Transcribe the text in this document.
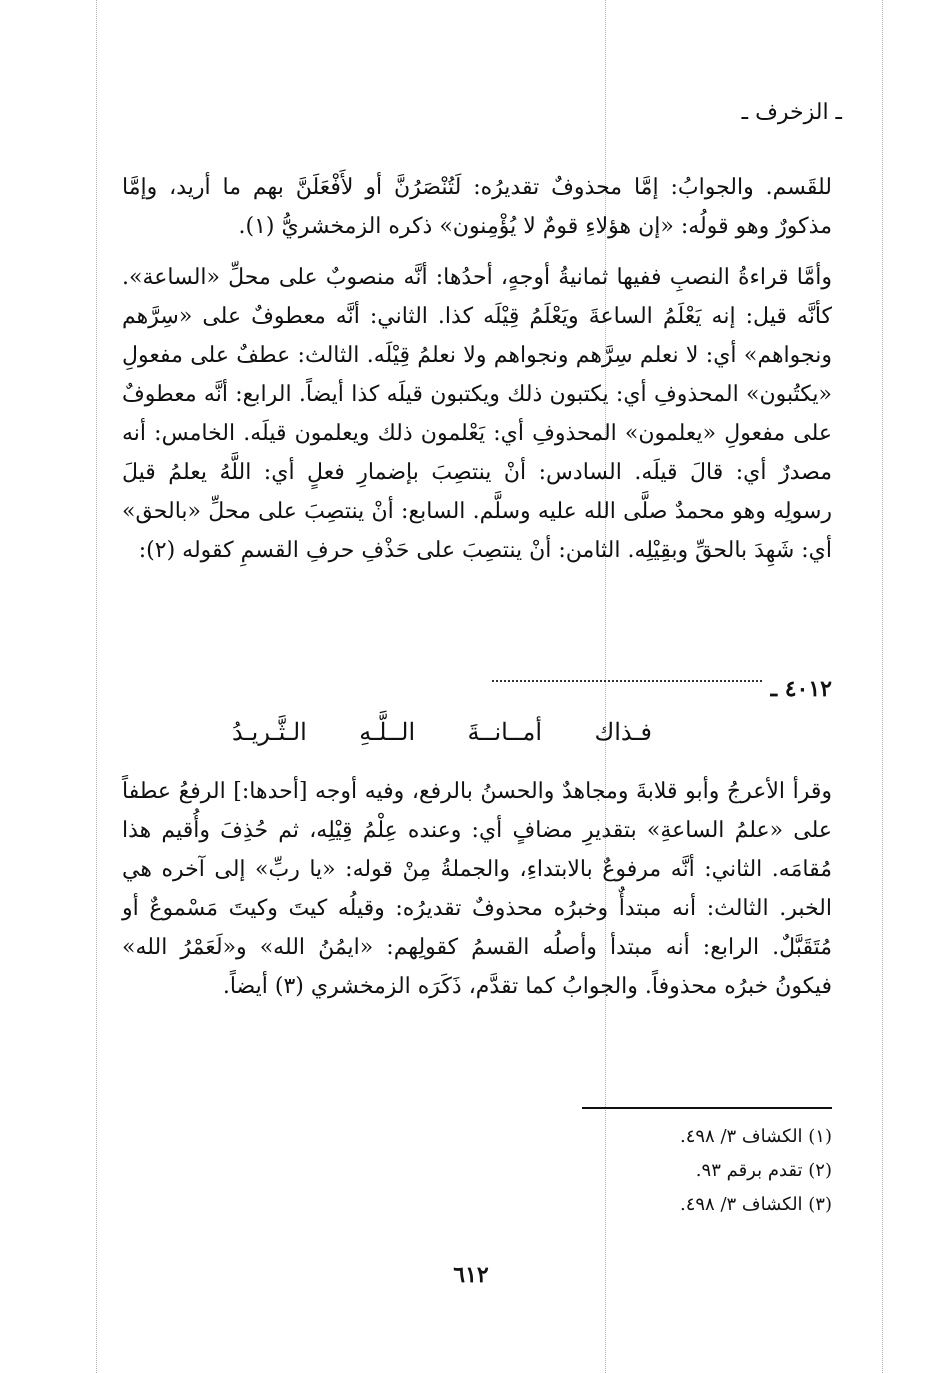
ـ الزخرف ـ

للقَسم. والجوابُ: إمَّا محذوفٌ تقديرُه: لَتُنْصَرُنَّ أو لأَفْعَلَنَّ بهم ما أريد، وإمَّا مذكورٌ وهو قولُه: «إن هؤلاءِ قومٌ لا يُؤْمِنون» ذكره الزمخشريُّ (١).

وأمَّا قراءةُ النصبِ ففيها ثمانيةُ أوجهٍ، أحدُها: أنَّه منصوبٌ على محلِّ «الساعة». كأنَّه قيل: إنه يَعْلَمُ الساعةَ ويَعْلَمُ قِيْلَه كذا. الثاني: أنَّه معطوفٌ على «سِرَّهم ونجواهم» أي: لا نعلم سِرَّهم ونجواهم ولا نعلمُ قِيْلَه. الثالث: عطفٌ على مفعولِ «يكتُبون» المحذوفِ أي: يكتبون ذلك ويكتبون قيلَه كذا أيضاً. الرابع: أنَّه معطوفٌ على مفعولِ «يعلمون» المحذوفِ أي: يَعْلمون ذلك ويعلمون قيلَه. الخامس: أنه مصدرٌ أي: قالَ قيلَه. السادس: أنْ ينتصِبَ بإضمارِ فعلٍ أي: اللَّهُ يعلمُ قيلَ رسولِه وهو محمدٌ صلَّى الله عليه وسلَّم. السابع: أنْ ينتصِبَ على محلِّ «بالحق» أي: شَهِدَ بالحقِّ وبقِيْلِه. الثامن: أنْ ينتصِبَ على حَذْفِ حرفِ القسمِ كقوله (٢):

٤٠١٢ ـ
فـذاك
أمــانــةَ
الــلَّـهِ
الـثَّـريـدُ

وقرأ الأعرجُ وأبو قلابةَ ومجاهدٌ والحسنُ بالرفع، وفيه أوجه [أحدها:] الرفعُ عطفاً على «علمُ الساعةِ» بتقديرِ مضافٍ أي: وعنده عِلْمُ قِيْلِه، ثم حُذِفَ وأُقيم هذا مُقامَه. الثاني: أنَّه مرفوعٌ بالابتداءِ، والجملةُ مِنْ قوله: «يا ربِّ» إلى آخره هي الخبر. الثالث: أنه مبتدأٌ وخبرُه محذوفٌ تقديرُه: وقيلُه كيتَ وكيتَ مَسْموعٌ أو مُتَقَبَّلٌ. الرابع: أنه مبتدأ وأصلُه القسمُ كقولِهم: «ايمُنُ الله» و«لَعَمْرُ الله» فيكونُ خبرُه محذوفاً. والجوابُ كما تقدَّم، ذَكَرَه الزمخشري (٣) أيضاً.

(١) الكشاف ٣/ ٤٩٨.
(٢) تقدم برقم ٩٣.
(٣) الكشاف ٣/ ٤٩٨.
٦١٢
